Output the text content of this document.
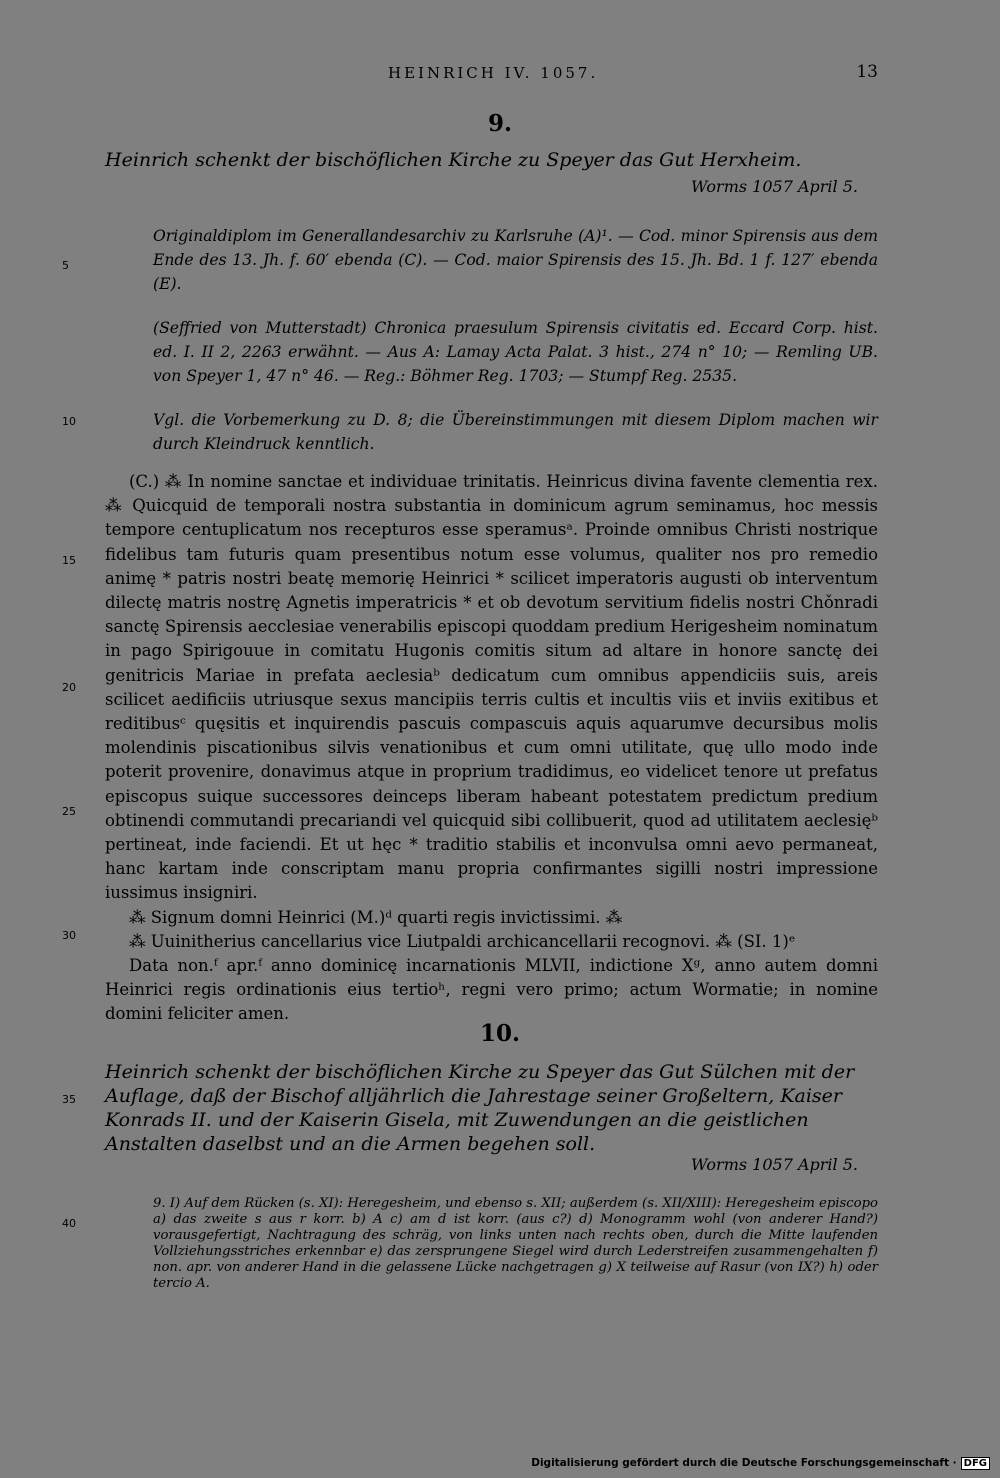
HEINRICH IV. 1057.	13
9.
Heinrich schenkt der bischöflichen Kirche zu Speyer das Gut Herxheim.
Worms 1057 April 5.
Originaldiplom im Generallandesarchiv zu Karlsruhe (A)¹. — Cod. minor Spirensis aus dem Ende des 13. Jh. f. 60′ ebenda (C). — Cod. maior Spirensis des 15. Jh. Bd. 1 f. 127′ ebenda (E).
(Seffried von Mutterstadt) Chronica praesulum Spirensis civitatis ed. Eccard Corp. hist. ed. I. II 2, 2263 erwähnt. — Aus A: Lamay Acta Palat. 3 hist., 274 n° 10; — Remling UB. von Speyer 1, 47 n° 46. — Reg.: Böhmer Reg. 1703; — Stumpf Reg. 2535.
Vgl. die Vorbemerkung zu D. 8; die Übereinstimmungen mit diesem Diplom machen wir durch Kleindruck kenntlich.

(C.) ⁂ In nomine sanctae et individuae trinitatis. Heinricus divina favente clementia rex. ⁂ Quicquid de temporali nostra substantia in dominicum agrum seminamus, hoc messis tempore centuplicatum nos recepturos esse speramusᵃ. Proinde omnibus Christi nostrique fidelibus tam futuris quam presentibus notum esse volumus, qualiter nos pro remedio animę * patris nostri beatę memorię Heinrici * scilicet imperatoris augusti ob interventum dilectę matris nostrę Agnetis imperatricis * et ob devotum servitium fidelis nostri Chǒnradi sanctę Spirensis aecclesiae venerabilis episcopi quoddam predium Herigesheim nominatum in pago Spirigouue in comitatu Hugonis comitis situm ad altare in honore sanctę dei genitricis Mariae in prefata aeclesiaᵇ dedicatum cum omnibus appendiciis suis, areis scilicet aedificiis utriusque sexus mancipiis terris cultis et incultis viis et inviis exitibus et reditibusᶜ quęsitis et inquirendis pascuis compascuis aquis aquarumve decursibus molis molendinis piscationibus silvis venationibus et cum omni utilitate, quę ullo modo inde poterit provenire, donavimus atque in proprium tradidimus, eo videlicet tenore ut prefatus episcopus suique successores deinceps liberam habeant potestatem predictum predium obtinendi commutandi precariandi vel quicquid sibi collibuerit, quod ad utilitatem aeclesięᵇ pertineat, inde faciendi. Et ut hęc * traditio stabilis et inconvulsa omni aevo permaneat, hanc kartam inde conscriptam manu propria confirmantes sigilli nostri impressione iussimus insigniri.

⁂ Signum domni Heinrici (M.)ᵈ quarti regis invictissimi. ⁂

⁂ Uuinitherius cancellarius vice Liutpaldi archicancellarii recognovi. ⁂ (SI. 1)ᵉ

Data non.ᶠ apr.ᶠ anno dominicę incarnationis MLVII, indictione Xᵍ, anno autem domni Heinrici regis ordinationis eius tertioʰ, regni vero primo; actum Wormatie; in nomine domini feliciter amen.

10.
Heinrich schenkt der bischöflichen Kirche zu Speyer das Gut Sülchen mit der Auflage, daß der Bischof alljährlich die Jahrestage seiner Großeltern, Kaiser Konrads II. und der Kaiserin Gisela, mit Zuwendungen an die geistlichen Anstalten daselbst und an die Armen begehen soll.
Worms 1057 April 5.
9. I) Auf dem Rücken (s. XI): Heregesheim, und ebenso s. XII; außerdem (s. XII/XIII): Heregesheim episcopo a) das zweite s aus r korr. b) A c) am d ist korr. (aus c?) d) Monogramm wohl (von anderer Hand?) vorausgefertigt, Nachtragung des schräg, von links unten nach rechts oben, durch die Mitte laufenden Vollziehungsstriches erkennbar e) das zersprungene Siegel wird durch Lederstreifen zusammengehalten f) non. apr. von anderer Hand in die gelassene Lücke nachgetragen g) X teilweise auf Rasur (von IX?) h) oder tercio A.
5
10
15
20
25
30
35
40
Digitalisierung gefördert durch die Deutsche Forschungsgemeinschaft · DFG
